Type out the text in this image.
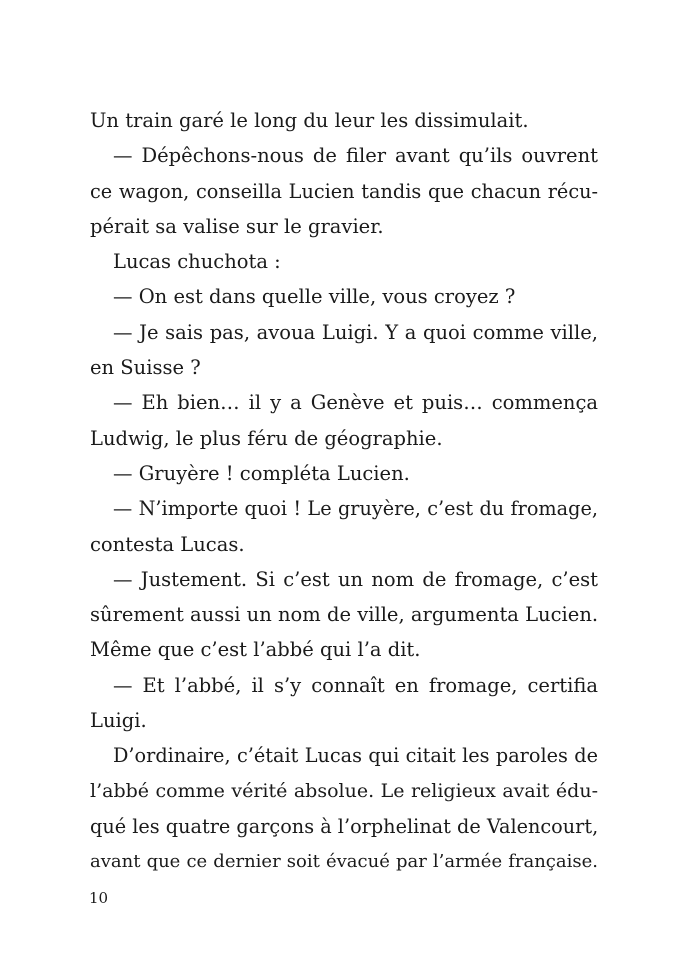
Un train garé le long du leur les dissimulait.
— Dépêchons-nous de filer avant qu’ils ouvrent
ce wagon, conseilla Lucien tandis que chacun récu-
pérait sa valise sur le gravier.
Lucas chuchota :
— On est dans quelle ville, vous croyez ?
— Je sais pas, avoua Luigi. Y a quoi comme ville,
en Suisse ?
— Eh bien… il y a Genève et puis… commença
Ludwig, le plus féru de géographie.
— Gruyère ! compléta Lucien.
— N’importe quoi ! Le gruyère, c’est du fromage,
contesta Lucas.
— Justement. Si c’est un nom de fromage, c’est
sûrement aussi un nom de ville, argumenta Lucien.
Même que c’est l’abbé qui l’a dit.
— Et l’abbé, il s’y connaît en fromage, certifia
Luigi.
D’ordinaire, c’était Lucas qui citait les paroles de
l’abbé comme vérité absolue. Le religieux avait édu-
qué les quatre garçons à l’orphelinat de Valencourt,
avant que ce dernier soit évacué par l’armée française.
10
